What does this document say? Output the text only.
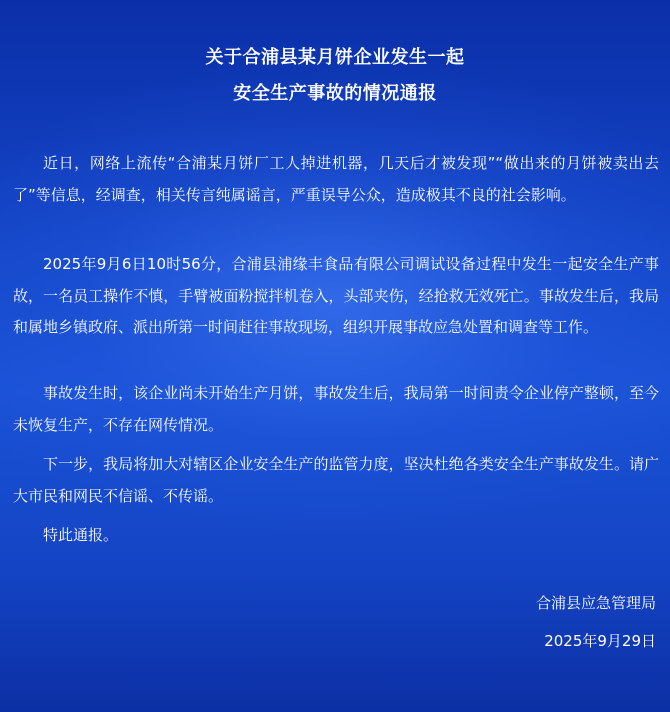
关于合浦县某月饼企业发生一起
安全生产事故的情况通报

近日，网络上流传“合浦某月饼厂工人掉进机器，几天后才被发现”“做出来的月饼被卖出去了”等信息，经调查，相关传言纯属谣言，严重误导公众，造成极其不良的社会影响。

2025年9月6日10时56分，合浦县浦缘丰食品有限公司调试设备过程中发生一起安全生产事故，一名员工操作不慎，手臂被面粉搅拌机卷入，头部夹伤，经抢救无效死亡。事故发生后，我局和属地乡镇政府、派出所第一时间赶往事故现场，组织开展事故应急处置和调查等工作。

事故发生时，该企业尚未开始生产月饼，事故发生后，我局第一时间责令企业停产整顿，至今未恢复生产，不存在网传情况。

下一步，我局将加大对辖区企业安全生产的监管力度，坚决杜绝各类安全生产事故发生。请广大市民和网民不信谣、不传谣。

特此通报。

合浦县应急管理局
2025年9月29日
